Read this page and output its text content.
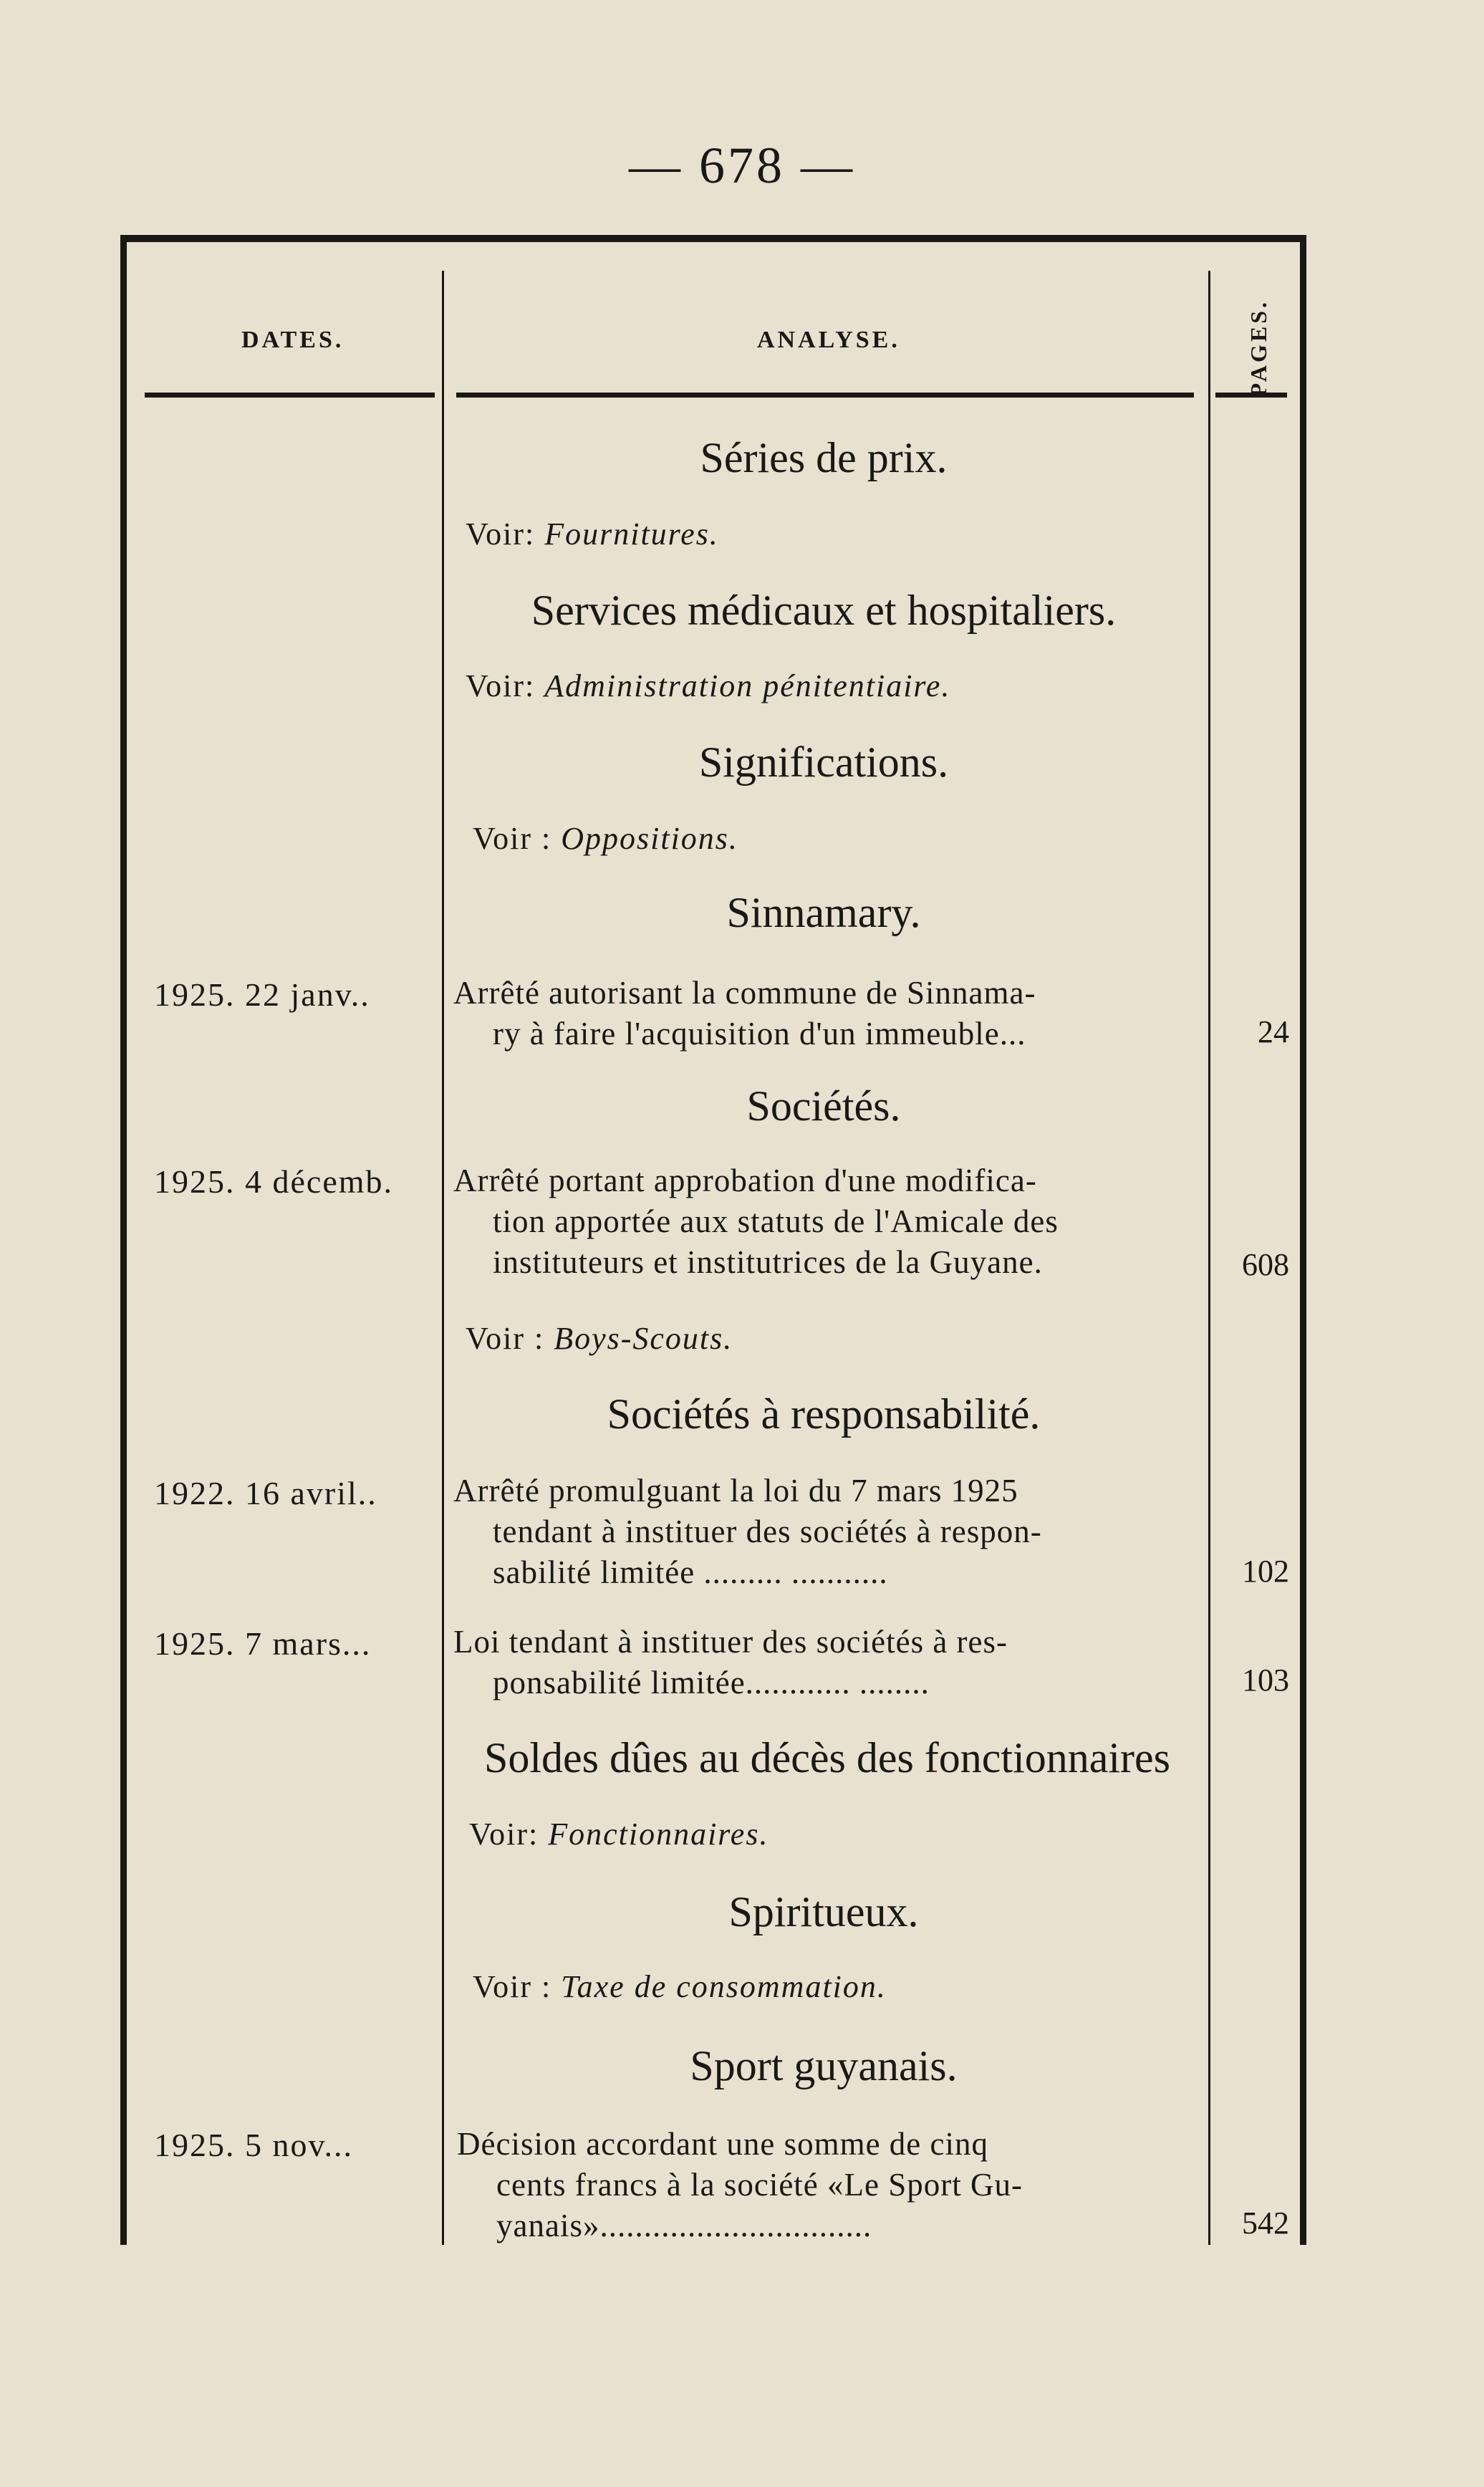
— 678 —
DATES.	ANALYSE.	PAGES.
Séries de prix.
Voir: Fournitures.
Services médicaux et hospitaliers.
Voir: Administration pénitentiaire.
Significations.
Voir : Oppositions.
Sinnamary.
1925. 22 janv..	Arrêté autorisant la commune de Sinnama-
ry à faire l'acquisition d'un immeuble...	24
Sociétés.
1925. 4 décemb. Arrêté portant approbation d'une modifica-
tion apportée aux statuts de l'Amicale des
instituteurs et institutrices de la Guyane.	608
Voir : Boys-Scouts.
Sociétés à responsabilité.
1922. 16 avril.. Arrêté promulguant la loi du 7 mars 1925
tendant à instituer des sociétés à respon-
sabilité limitée ......... ...........	102
1925. 7 mars...	Loi tendant à instituer des sociétés à res-
ponsabilité limitée............ ........	103
Soldes dûes au décès des fonctionnaires
Voir: Fonctionnaires.
Spiritueux.
Voir : Taxe de consommation.
Sport guyanais.
1925. 5 nov...	Décision accordant une somme de cinq
cents francs à la société «Le Sport Gu-
yanais»...............................	542
